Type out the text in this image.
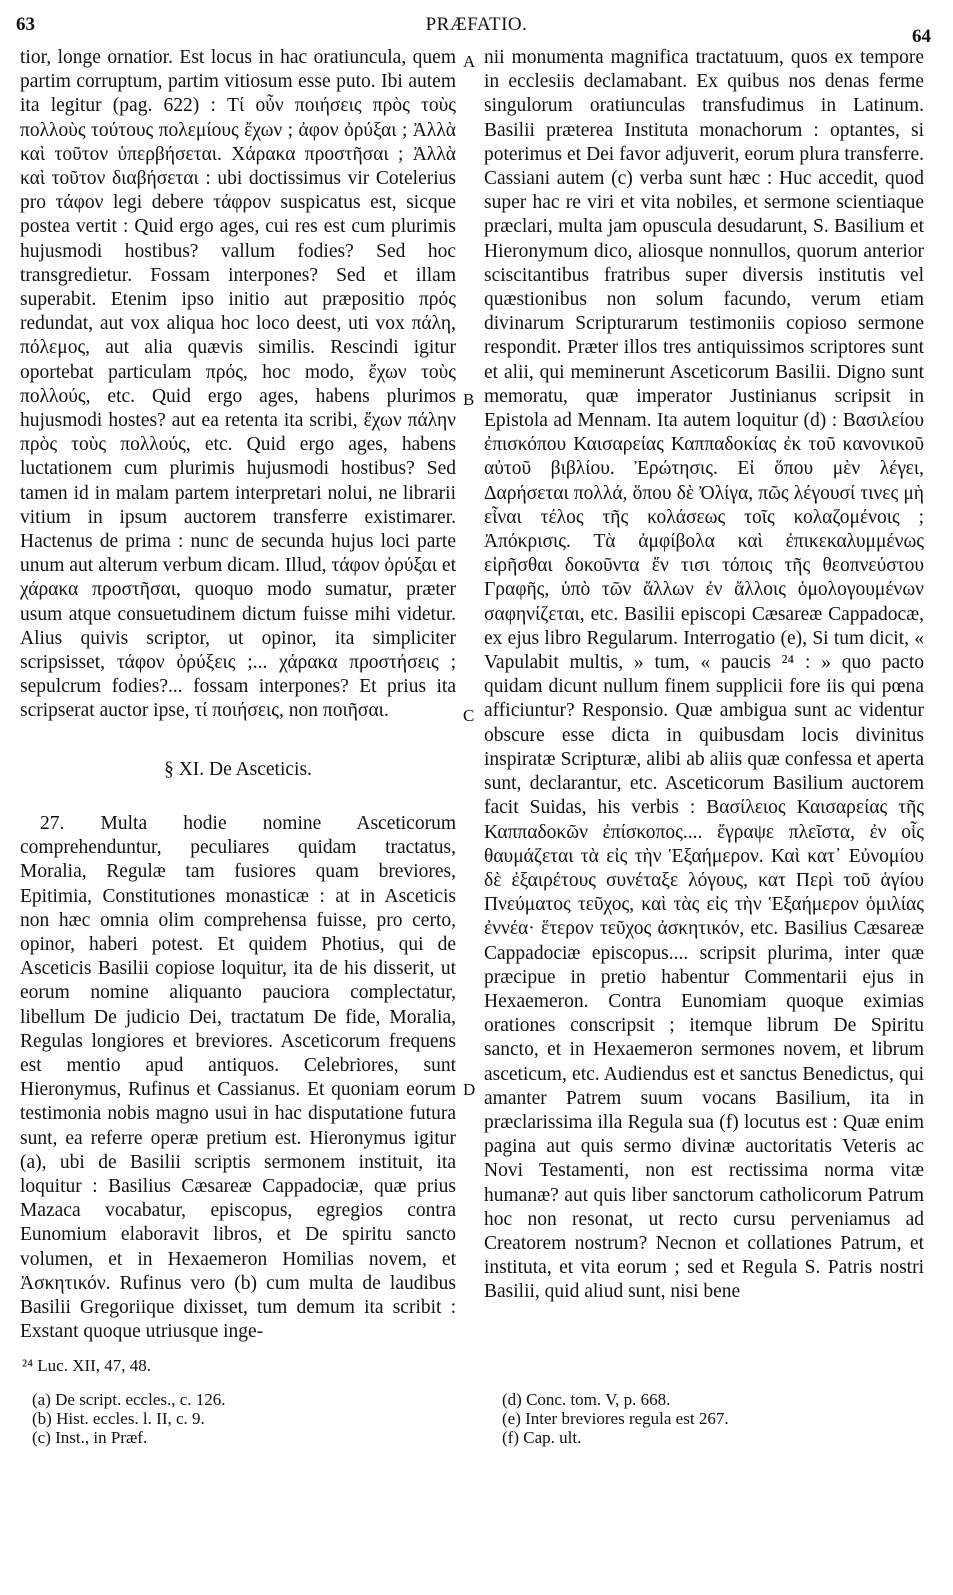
63	PRÆFATIO.
64
A
B
C
D

tior, longe ornatior. Est locus in hac oratiuncula, quem partim corruptum, partim vitiosum esse puto. Ibi autem ita legitur (pag. 622) : Τί οὖν ποιήσεις πρὸς τοὺς πολλοὺς τούτους πολεμίους ἔχων ; ἀφον ὀρύξαι ; Ἀλλὰ καὶ τοῦτον ὑπερβήσεται. Χάρακα προστῆσαι ; Ἀλλὰ καὶ τοῦτον διαβήσεται : ubi doctissimus vir Cotelerius pro τάφον legi debere τάφρον suspicatus est, sicque postea vertit : Quid ergo ages, cui res est cum plurimis hujusmodi hostibus? vallum fodies? Sed hoc transgredietur. Fossam interpones? Sed et illam superabit. Etenim ipso initio aut præpositio πρός redundat, aut vox aliqua hoc loco deest, uti vox πάλη, πόλεμος, aut alia quævis similis. Rescindi igitur oportebat particulam πρός, hoc modo, ἔχων τοὺς πολλούς, etc. Quid ergo ages, habens plurimos hujusmodi hostes? aut ea retenta ita scribi, ἔχων πάλην πρὸς τοὺς πολλούς, etc. Quid ergo ages, habens luctationem cum plurimis hujusmodi hostibus? Sed tamen id in malam partem interpretari nolui, ne librarii vitium in ipsum auctorem transferre existimarer. Hactenus de prima : nunc de secunda hujus loci parte unum aut alterum verbum dicam. Illud, τάφον ὀρύξαι et χάρακα προστῆσαι, quoquo modo sumatur, præter usum atque consuetudinem dictum fuisse mihi videtur. Alius quivis scriptor, ut opinor, ita simpliciter scripsisset, τάφον ὀρύξεις ;... χάρακα προστήσεις ; sepulcrum fodies?... fossam interpones? Et prius ita scripserat auctor ipse, τί ποιήσεις, non ποιῆσαι.

§ XI. De Asceticis.

27. Multa hodie nomine Asceticorum comprehenduntur, peculiares quidam tractatus, Moralia, Regulæ tam fusiores quam breviores, Epitimia, Constitutiones monasticæ : at in Asceticis non hæc omnia olim comprehensa fuisse, pro certo, opinor, haberi potest. Et quidem Photius, qui de Asceticis Basilii copiose loquitur, ita de his disserit, ut eorum nomine aliquanto pauciora complectatur, libellum De judicio Dei, tractatum De fide, Moralia, Regulas longiores et breviores. Asceticorum frequens est mentio apud antiquos. Celebriores, sunt Hieronymus, Rufinus et Cassianus. Et quoniam eorum testimonia nobis magno usui in hac disputatione futura sunt, ea referre operæ pretium est. Hieronymus igitur (a), ubi de Basilii scriptis sermonem instituit, ita loquitur : Basilius Cæsareæ Cappadociæ, quæ prius Mazaca vocabatur, episcopus, egregios contra Eunomium elaboravit libros, et De spiritu sancto volumen, et in Hexaemeron Homilias novem, et Ἀσκητικόν. Rufinus vero (b) cum multa de laudibus Basilii Gregoriique dixisset, tum demum ita scribit : Exstant quoque utriusque inge-

nii monumenta magnifica tractatuum, quos ex tempore in ecclesiis declamabant. Ex quibus nos denas ferme singulorum oratiunculas transfudimus in Latinum. Basilii præterea Instituta monachorum : optantes, si poterimus et Dei favor adjuverit, eorum plura transferre. Cassiani autem (c) verba sunt hæc : Huc accedit, quod super hac re viri et vita nobiles, et sermone scientiaque præclari, multa jam opuscula desudarunt, S. Basilium et Hieronymum dico, aliosque nonnullos, quorum anterior sciscitantibus fratribus super diversis institutis vel quæstionibus non solum facundo, verum etiam divinarum Scripturarum testimoniis copioso sermone respondit. Præter illos tres antiquissimos scriptores sunt et alii, qui meminerunt Asceticorum Basilii. Digno sunt memoratu, quæ imperator Justinianus scripsit in Epistola ad Mennam. Ita autem loquitur (d) : Βασιλείου ἐπισκόπου Καισαρείας Καππαδοκίας ἐκ τοῦ κανονικοῦ αὐτοῦ βιβλίου. Ἐρώτησις. Εἰ ὅπου μὲν λέγει, Δαρήσεται πολλά, ὅπου δὲ Ὀλίγα, πῶς λέγουσί τινες μὴ εἶναι τέλος τῆς κολάσεως τοῖς κολαζομένοις ; Ἀπόκρισις. Τὰ ἀμφίβολα καὶ ἐπικεκαλυμμένως εἰρῆσθαι δοκοῦντα ἔν τισι τόποις τῆς θεοπνεύστου Γραφῆς, ὑπὸ τῶν ἄλλων ἐν ἄλλοις ὁμολογουμένων σαφηνίζεται, etc. Basilii episcopi Cæsareæ Cappadocæ, ex ejus libro Regularum. Interrogatio (e), Si tum dicit, « Vapulabit multis, » tum, « paucis ²⁴ : » quo pacto quidam dicunt nullum finem supplicii fore iis qui pœna afficiuntur? Responsio. Quæ ambigua sunt ac videntur obscure esse dicta in quibusdam locis divinitus inspiratæ Scripturæ, alibi ab aliis quæ confessa et aperta sunt, declarantur, etc. Asceticorum Basilium auctorem facit Suidas, his verbis : Βασίλειος Καισαρείας τῆς Καππαδοκῶν ἐπίσκοπος.... ἔγραψε πλεῖστα, ἐν οἷς θαυμάζεται τὰ εἰς τὴν Ἑξαήμερον. Καὶ κατ᾽ Εὐνομίου δὲ ἐξαιρέτους συνέταξε λόγους, κατ Περὶ τοῦ ἁγίου Πνεύματος τεῦχος, καὶ τὰς εἰς τὴν Ἑξαήμερον ὁμιλίας ἐννέα· ἕτερον τεῦχος ἀσκητικόν, etc. Basilius Cæsareæ Cappadociæ episcopus.... scripsit plurima, inter quæ præcipue in pretio habentur Commentarii ejus in Hexaemeron. Contra Eunomiam quoque eximias orationes conscripsit ; itemque librum De Spiritu sancto, et in Hexaemeron sermones novem, et librum asceticum, etc. Audiendus est et sanctus Benedictus, qui amanter Patrem suum vocans Basilium, ita in præclarissima illa Regula sua (f) locutus est : Quæ enim pagina aut quis sermo divinæ auctoritatis Veteris ac Novi Testamenti, non est rectissima norma vitæ humanæ? aut quis liber sanctorum catholicorum Patrum hoc non resonat, ut recto cursu perveniamus ad Creatorem nostrum? Necnon et collationes Patrum, et instituta, et vita eorum ; sed et Regula S. Patris nostri Basilii, quid aliud sunt, nisi bene

²⁴ Luc. XII, 47, 48.
(a) De script. eccles., c. 126.
(b) Hist. eccles. l. II, c. 9.
(c) Inst., in Præf.
(d) Conc. tom. V, p. 668.
(e) Inter breviores regula est 267.
(f) Cap. ult.
